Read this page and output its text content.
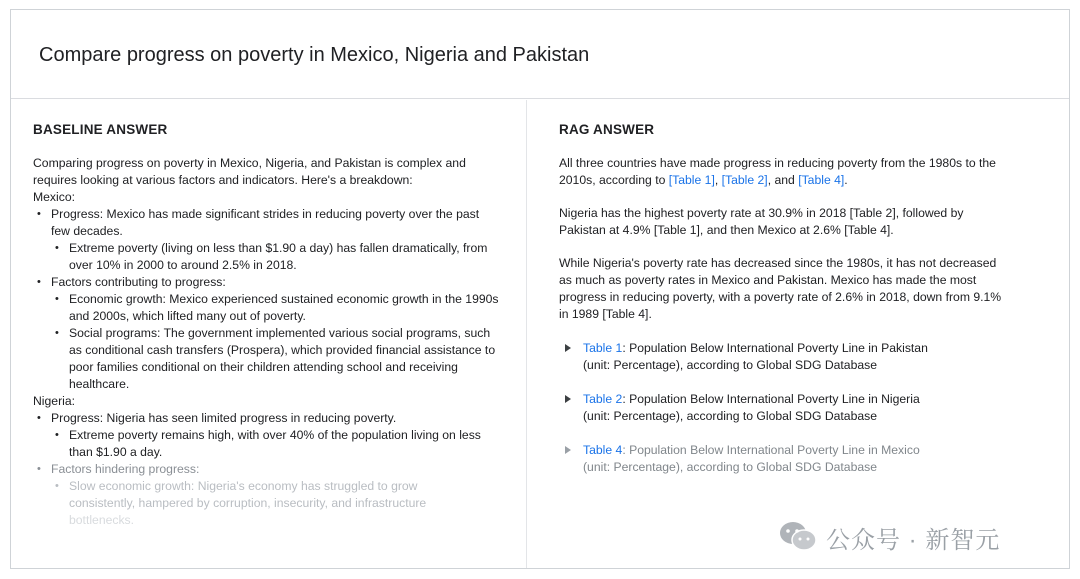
Compare progress on poverty in Mexico, Nigeria and Pakistan
BASELINE ANSWER
Comparing progress on poverty in Mexico, Nigeria, and Pakistan is complex and requires looking at various factors and indicators. Here's a breakdown:
Mexico:
• Progress: Mexico has made significant strides in reducing poverty over the past few decades.
• Extreme poverty (living on less than $1.90 a day) has fallen dramatically, from over 10% in 2000 to around 2.5% in 2018.
• Factors contributing to progress:
• Economic growth: Mexico experienced sustained economic growth in the 1990s and 2000s, which lifted many out of poverty.
• Social programs: The government implemented various social programs, such as conditional cash transfers (Prospera), which provided financial assistance to poor families conditional on their children attending school and receiving healthcare.
Nigeria:
• Progress: Nigeria has seen limited progress in reducing poverty.
• Extreme poverty remains high, with over 40% of the population living on less than $1.90 a day.
• Factors hindering progress:
• Slow economic growth: Nigeria's economy has struggled to grow
consistently, hampered by corruption, insecurity, and infrastructure
bottlenecks.
RAG ANSWER
All three countries have made progress in reducing poverty from the 1980s to the 2010s, according to [Table 1], [Table 2], and [Table 4].
Nigeria has the highest poverty rate at 30.9% in 2018 [Table 2], followed by Pakistan at 4.9% [Table 1], and then Mexico at 2.6% [Table 4].
While Nigeria's poverty rate has decreased since the 1980s, it has not decreased as much as poverty rates in Mexico and Pakistan. Mexico has made the most progress in reducing poverty, with a poverty rate of 2.6% in 2018, down from 9.1% in 1989 [Table 4].
Table 1: Population Below International Poverty Line in Pakistan
(unit: Percentage), according to Global SDG Database
Table 2: Population Below International Poverty Line in Nigeria
(unit: Percentage), according to Global SDG Database
Table 4: Population Below International Poverty Line in Mexico
(unit: Percentage), according to Global SDG Database
公众号 · 新智元
